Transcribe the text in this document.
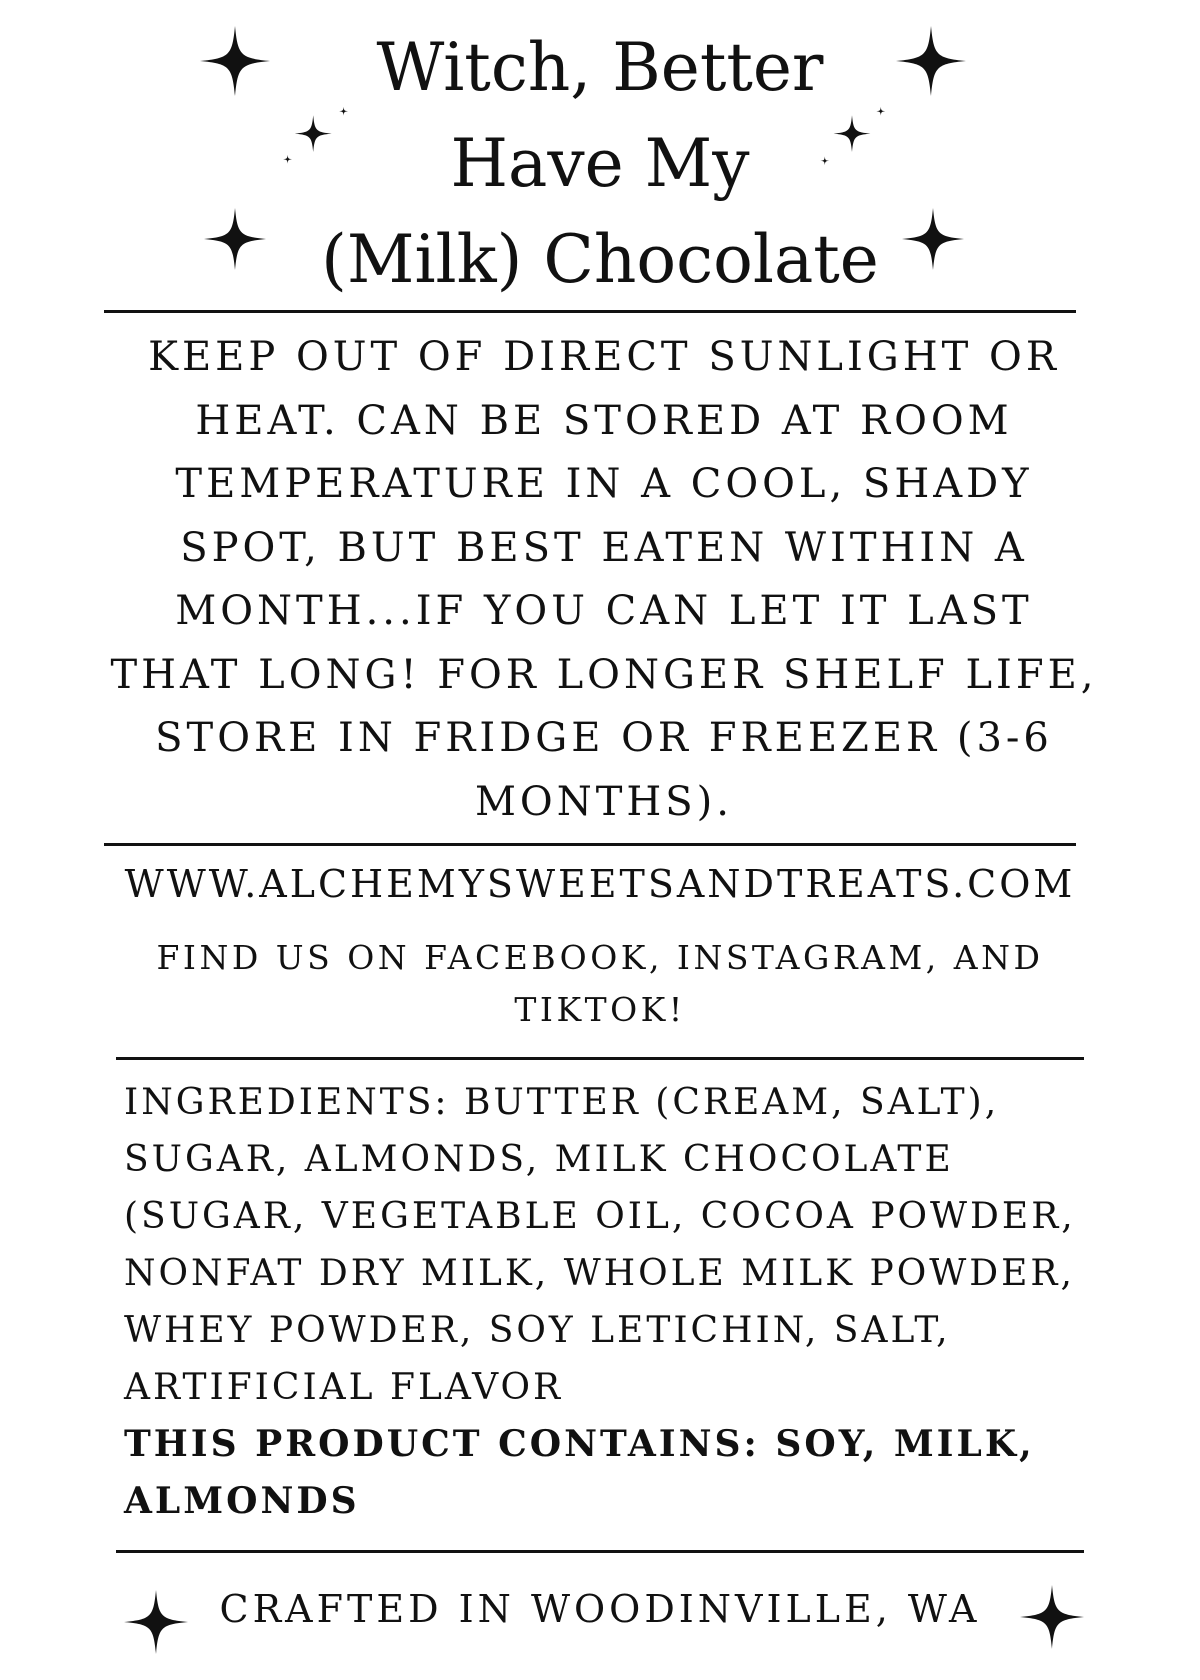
Witch, Better
Have My
(Milk) Chocolate

KEEP OUT OF DIRECT SUNLIGHT OR HEAT. CAN BE STORED AT ROOM TEMPERATURE IN A COOL, SHADY SPOT, BUT BEST EATEN WITHIN A MONTH...IF YOU CAN LET IT LAST THAT LONG! FOR LONGER SHELF LIFE, STORE IN FRIDGE OR FREEZER (3-6 MONTHS).

WWW.ALCHEMYSWEETSANDTREATS.COM

FIND US ON FACEBOOK, INSTAGRAM, AND TIKTOK!

INGREDIENTS: BUTTER (CREAM, SALT), SUGAR, ALMONDS, MILK CHOCOLATE (SUGAR, VEGETABLE OIL, COCOA POWDER, NONFAT DRY MILK, WHOLE MILK POWDER, WHEY POWDER, SOY LETICHIN, SALT, ARTIFICIAL FLAVOR

THIS PRODUCT CONTAINS: SOY, MILK, ALMONDS

CRAFTED IN WOODINVILLE, WA
